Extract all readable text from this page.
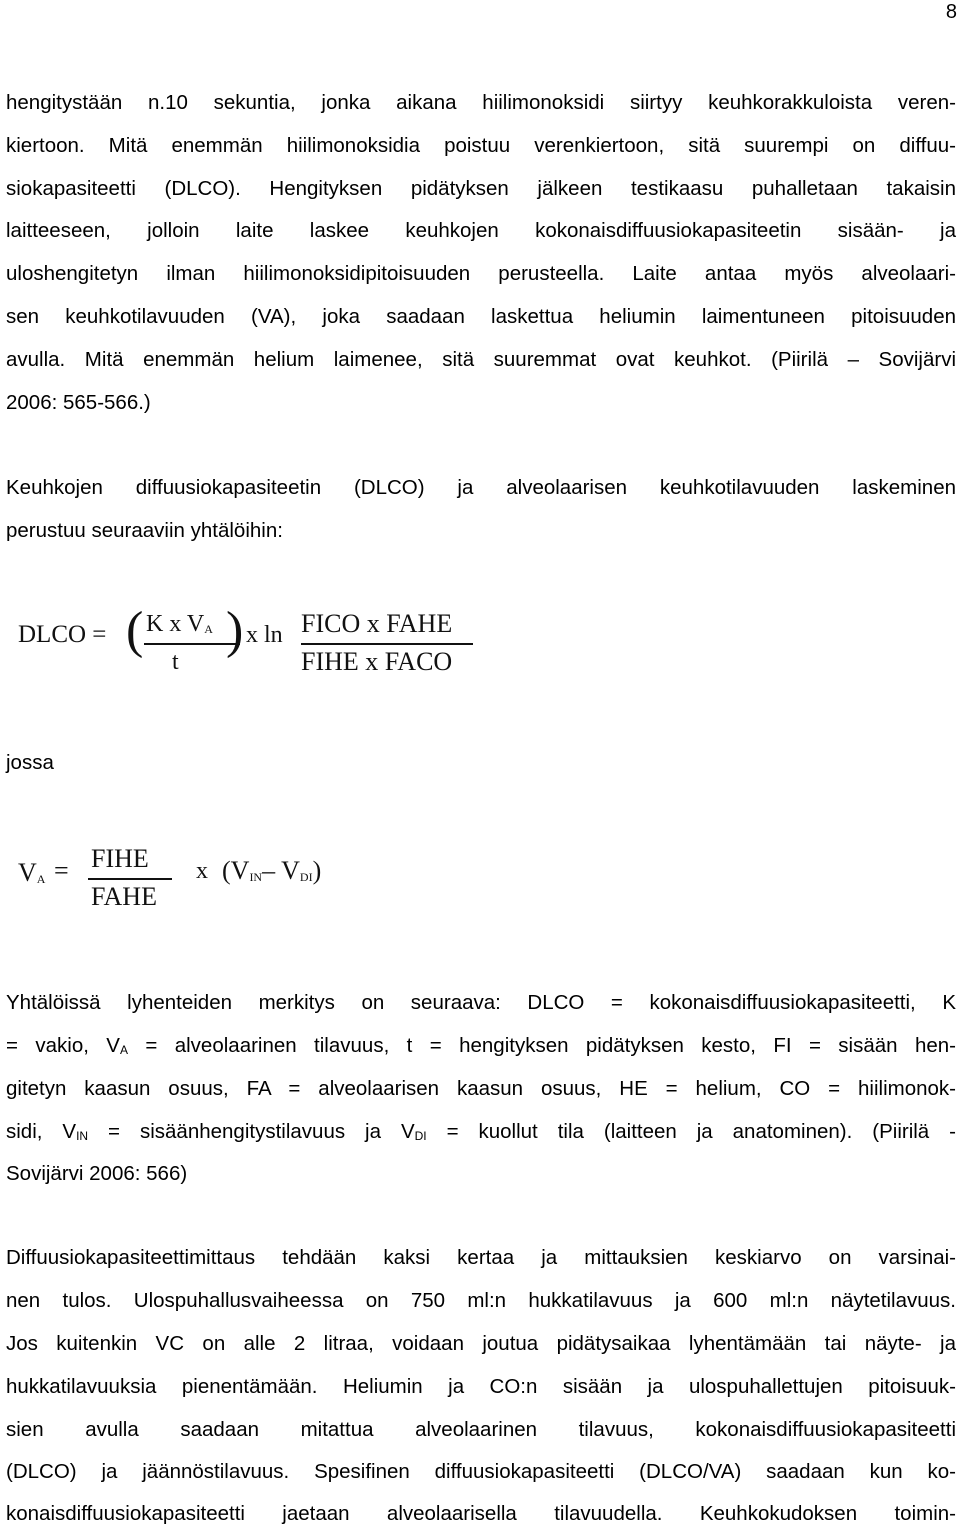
8
hengitystään n.10 sekuntia, jonka aikana hiilimonoksidi siirtyy keuhkorakkuloista veren-
kiertoon. Mitä enemmän hiilimonoksidia poistuu verenkiertoon, sitä suurempi on diffuu-
siokapasiteetti (DLCO). Hengityksen pidätyksen jälkeen testikaasu puhalletaan takaisin
laitteeseen, jolloin laite laskee keuhkojen kokonaisdiffuusiokapasiteetin sisään- ja
uloshengitetyn ilman hiilimonoksidipitoisuuden perusteella. Laite antaa myös alveolaari-
sen keuhkotilavuuden (VA), joka saadaan laskettua heliumin laimentuneen pitoisuuden
avulla. Mitä enemmän helium laimenee, sitä suuremmat ovat keuhkot. (Piirilä – Sovijärvi
2006: 565-566.)
Keuhkojen diffuusiokapasiteetin (DLCO) ja alveolaarisen keuhkotilavuuden laskeminen
perustuu seuraaviin yhtälöihin:
DLCO = ( K x $V_A$
t
) x ln FICO x FAHE
FIHE x FACO
jossa
$V_A$ = FIHE
FAHE
x ($V_{IN}-$ $V_{DI}$)
Yhtälöissä lyhenteiden merkitys on seuraava: DLCO = kokonaisdiffuusiokapasiteetti, K
= vakio, $V_A$ = alveolaarinen tilavuus, t = hengityksen pidätyksen kesto, FI = sisään hen-
gitetyn kaasun osuus, FA = alveolaarisen kaasun osuus, HE = helium, CO = hiilimonok-
sidi, $V_{IN}$ = sisäänhengitystilavuus ja $V_{DI}$ = kuollut tila (laitteen ja anatominen). (Piirilä -
Sovijärvi 2006: 566)
Diffuusiokapasiteettimittaus tehdään kaksi kertaa ja mittauksien keskiarvo on varsinai-
nen tulos. Ulospuhallusvaiheessa on 750 ml:n hukkatilavuus ja 600 ml:n näytetilavuus.
Jos kuitenkin VC on alle 2 litraa, voidaan joutua pidätysaikaa lyhentämään tai näyte- ja
hukkatilavuuksia pienentämään. Heliumin ja CO:n sisään ja ulospuhallettujen pitoisuuk-
sien avulla saadaan mitattua alveolaarinen tilavuus, kokonaisdiffuusiokapasiteetti
(DLCO) ja jäännöstilavuus. Spesifinen diffuusiokapasiteetti (DLCO/VA) saadaan kun ko-
konaisdiffuusiokapasiteetti jaetaan alveolaarisella tilavuudella. Keuhkokudoksen toimin-
